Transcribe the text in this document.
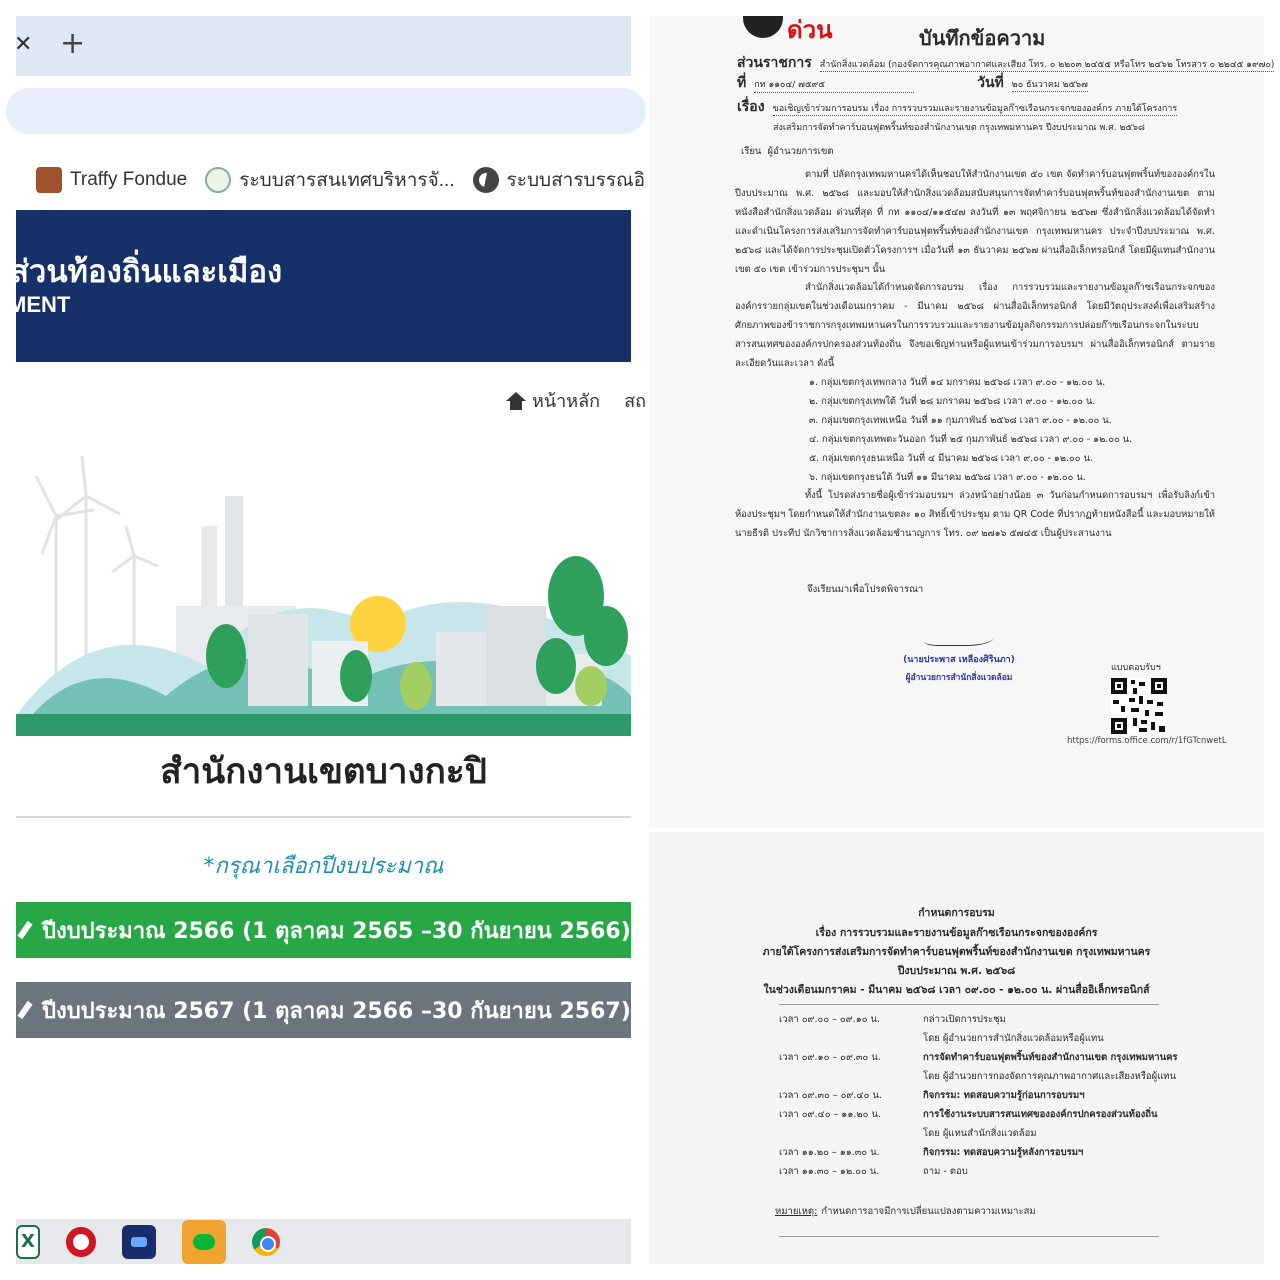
✕ +
Traffy Fondue	ระบบสารสนเทศบริหารจั...	ระบบสารบรรณอิ
ส่วนท้องถิ่นและเมือง
MENT
หน้าหลัก สถ
สำนักงานเขตบางกะปิ
*กรุณาเลือกปีงบประมาณ
ปีงบประมาณ 2566 (1 ตุลาคม 2565 –30 กันยายน 2566)
ปีงบประมาณ 2567 (1 ตุลาคม 2566 –30 กันยายน 2567)
X
ด่วน	บันทึกข้อความ
ส่วนราชการ สำนักสิ่งแวดล้อม (กองจัดการคุณภาพอากาศและเสียง โทร. ๐ ๒๒๐๓ ๒๔๕๕ หรือโทร ๒๔๖๒ โทรสาร ๐ ๒๒๔๕ ๑๙๗๐)
ที่ กท ๑๑๐๔/ ๗๕๙๕	วันที่ ๒๐ ธันวาคม ๒๕๖๗
เรื่อง ขอเชิญเข้าร่วมการอบรม เรื่อง การรวบรวมและรายงานข้อมูลก๊าซเรือนกระจกขององค์กร ภายใต้โครงการ
ส่งเสริมการจัดทำคาร์บอนฟุตพริ้นท์ของสำนักงานเขต กรุงเทพมหานคร ปีงบประมาณ พ.ศ. ๒๕๖๘
เรียน ผู้อำนวยการเขต

ตามที่ ปลัดกรุงเทพมหานครได้เห็นชอบให้สำนักงานเขต ๕๐ เขต จัดทำคาร์บอนฟุตพริ้นท์ขององค์กรในปีงบประมาณ พ.ศ. ๒๕๖๘ และมอบให้สำนักสิ่งแวดล้อมสนับสนุนการจัดทำคาร์บอนฟุตพริ้นท์ของสำนักงานเขต ตามหนังสือสำนักสิ่งแวดล้อม ด่วนที่สุด ที่ กท ๑๑๐๔/๑๑๕๔๗ ลงวันที่ ๑๓ พฤศจิกายน ๒๕๖๗ ซึ่งสำนักสิ่งแวดล้อมได้จัดทำและดำเนินโครงการส่งเสริมการจัดทำคาร์บอนฟุตพริ้นท์ของสำนักงานเขต กรุงเทพมหานคร ประจำปีงบประมาณ พ.ศ. ๒๕๖๘ และได้จัดการประชุมเปิดตัวโครงการฯ เมื่อวันที่ ๑๓ ธันวาคม ๒๕๖๗ ผ่านสื่ออิเล็กทรอนิกส์ โดยมีผู้แทนสำนักงานเขต ๕๐ เขต เข้าร่วมการประชุมฯ นั้น

สำนักสิ่งแวดล้อมได้กำหนดจัดการอบรม เรื่อง การรวบรวมและรายงานข้อมูลก๊าซเรือนกระจกขององค์กรรายกลุ่มเขตในช่วงเดือนมกราคม - มีนาคม ๒๕๖๘ ผ่านสื่ออิเล็กทรอนิกส์ โดยมีวัตถุประสงค์เพื่อเสริมสร้างศักยภาพของข้าราชการกรุงเทพมหานครในการรวบรวมและรายงานข้อมูลกิจกรรมการปล่อยก๊าซเรือนกระจกในระบบสารสนเทศขององค์กรปกครองส่วนท้องถิ่น จึงขอเชิญท่านหรือผู้แทนเข้าร่วมการอบรมฯ ผ่านสื่ออิเล็กทรอนิกส์ ตามรายละเอียดวันและเวลา ดังนี้

๑. กลุ่มเขตกรุงเทพกลาง วันที่ ๑๔ มกราคม ๒๕๖๘ เวลา ๙.๐๐ - ๑๒.๐๐ น.

๒. กลุ่มเขตกรุงเทพใต้ วันที่ ๒๘ มกราคม ๒๕๖๘ เวลา ๙.๐๐ - ๑๒.๐๐ น.

๓. กลุ่มเขตกรุงเทพเหนือ วันที่ ๑๑ กุมภาพันธ์ ๒๕๖๘ เวลา ๙.๐๐ - ๑๒.๐๐ น.

๔. กลุ่มเขตกรุงเทพตะวันออก วันที่ ๒๕ กุมภาพันธ์ ๒๕๖๘ เวลา ๙.๐๐ - ๑๒.๐๐ น.

๕. กลุ่มเขตกรุงธนเหนือ วันที่ ๔ มีนาคม ๒๕๖๘ เวลา ๙.๐๐ - ๑๒.๐๐ น.

๖. กลุ่มเขตกรุงธนใต้ วันที่ ๑๑ มีนาคม ๒๕๖๘ เวลา ๙.๐๐ - ๑๒.๐๐ น.

ทั้งนี้ โปรดส่งรายชื่อผู้เข้าร่วมอบรมฯ ล่วงหน้าอย่างน้อย ๓ วันก่อนกำหนดการอบรมฯ เพื่อรับลิงก์เข้าห้องประชุมฯ โดยกำหนดให้สำนักงานเขตละ ๑๐ สิทธิ์เข้าประชุม ตาม QR Code ที่ปรากฏท้ายหนังสือนี้ และมอบหมายให้นายธีรติ ประทีป นักวิชาการสิ่งแวดล้อมชำนาญการ โทร. ๐๙ ๒๗๑๖ ๕๗๔๕ เป็นผู้ประสานงาน

จึงเรียนมาเพื่อโปรดพิจารณา
(นายประพาส เหลืองศิรินภา)
ผู้อำนวยการสำนักสิ่งแวดล้อม
แบบตอบรับฯ
https://forms.office.com/r/1fGTcnwetL
กำหนดการอบรม
เรื่อง การรวบรวมและรายงานข้อมูลก๊าซเรือนกระจกขององค์กร
ภายใต้โครงการส่งเสริมการจัดทำคาร์บอนฟุตพริ้นท์ของสำนักงานเขต กรุงเทพมหานคร
ปีงบประมาณ พ.ศ. ๒๕๖๘
ในช่วงเดือนมกราคม - มีนาคม ๒๕๖๘ เวลา ๐๙.๐๐ - ๑๒.๐๐ น. ผ่านสื่ออิเล็กทรอนิกส์
เวลา ๐๙.๐๐ – ๐๙.๑๐ น.	กล่าวเปิดการประชุม
โดย ผู้อำนวยการสำนักสิ่งแวดล้อมหรือผู้แทน
เวลา ๐๙.๑๐ – ๐๙.๓๐ น.	การจัดทำคาร์บอนฟุตพริ้นท์ของสำนักงานเขต กรุงเทพมหานคร
โดย ผู้อำนวยการกองจัดการคุณภาพอากาศและเสียงหรือผู้แทน
เวลา ๐๙.๓๐ – ๐๙.๔๐ น.	กิจกรรม: ทดสอบความรู้ก่อนการอบรมฯ
เวลา ๐๙.๔๐ – ๑๑.๒๐ น.	การใช้งานระบบสารสนเทศขององค์กรปกครองส่วนท้องถิ่น
โดย ผู้แทนสำนักสิ่งแวดล้อม
เวลา ๑๑.๒๐ – ๑๑.๓๐ น.	กิจกรรม: ทดสอบความรู้หลังการอบรมฯ
เวลา ๑๑.๓๐ – ๑๒.๐๐ น.	ถาม - ตอบ
หมายเหตุ: กำหนดการอาจมีการเปลี่ยนแปลงตามความเหมาะสม
